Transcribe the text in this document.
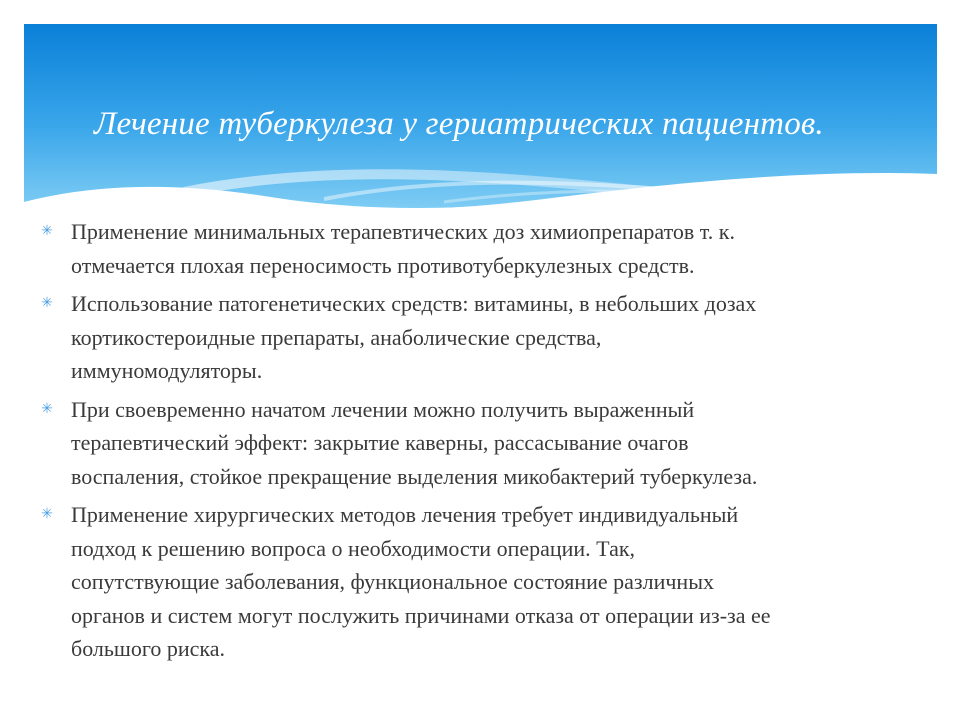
Лечение туберкулеза у гериатрических пациентов.
✳ Применение минимальных терапевтических доз химиопрепаратов т. к.
отмечается плохая переносимость противотуберкулезных средств.
✳ Использование патогенетических средств: витамины, в небольших дозах
кортикостероидные препараты, анаболические средства,
иммуномодуляторы.
✳ При своевременно начатом лечении можно получить выраженный
терапевтический эффект: закрытие каверны, рассасывание очагов
воспаления, стойкое прекращение выделения микобактерий туберкулеза.
✳ Применение хирургических методов лечения требует индивидуальный
подход к решению вопроса о необходимости операции. Так,
сопутствующие заболевания, функциональное состояние различных
органов и систем могут послужить причинами отказа от операции из-за ее
большого риска.
